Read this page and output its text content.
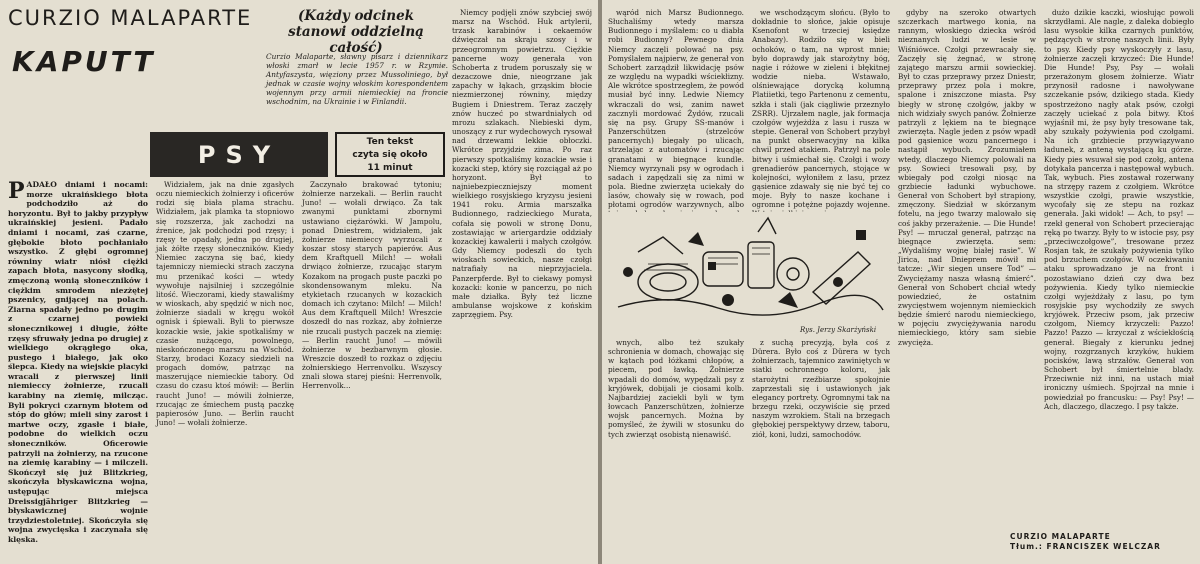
CURZIO MALAPARTE
KAPUTT
(Każdy odcinek stanowi oddzielną całość)
Curzio Malaparte, sławny pisarz i dziennikarz włoski zmarł w lecie 1957 r. w Rzymie. Antyfaszysta, więziony przez Mussoliniego, był jednak w czasie wojny włoskim korespondentem wojennym przy armii niemieckiej na froncie wschodnim, na Ukrainie i w Finlandii.
PSY	Ten tekst
czyta się około
11 minut
PADAŁO dniami i nocami: morze ukraińskiego błota podchodziło aż do horyzontu. Był to jakby przypływ ukraińskiej jesieni. Padało dniami i nocami, zaś czarne, głębokie błoto pochłaniało wszystko. Z głębi ogromnej równiny wiatr niósł ciężki zapach błota, nasycony słodką, zmęczoną wonią słoneczników i ciężkim smrodem niezżętej pszenicy, gnijącej na polach. Ziarna spadały jedno po drugim z czarnej powieki słonecznikowej i długie, żółte rzęsy sfruwały jedna po drugiej z wielkiego okrągłego oka, pustego i białego, jak oko ślepca. Kiedy na wiejskie placyki wracali z pierwszej linii niemieccy żołnierze, rzucali karabiny na ziemię, milcząc. Byli pokryci czarnym błotem od stóp do głów; mieli siny zarost i martwe oczy, zgasłe i białe, podobne do wielkich oczu słoneczników. Oficerowie patrzyli na żołnierzy, na rzucone na ziemię karabiny — i milczeli. Skończył się już Blitzkrieg, skończyła błyskawiczna wojna, ustępując miejsca Dreissigjähriger Blitzkrieg — błyskawicznej wojnie trzydziestoletniej. Skończyła się wojna zwycięska i zaczynała się klęska.

Widziałem, jak na dnie zgasłych oczu niemieckich żołnierzy i oficerów rodzi się biała plama strachu. Widziałem, jak plamka ta stopniowo się rozszerza, jak zachodzi na źrenice, jak podchodzi pod rzęsy; i rzęsy te opadały, jedna po drugiej, jak żółte rzęsy słoneczników. Kiedy Niemiec zaczyna się bać, kiedy tajemniczy niemiecki strach zaczyna mu przenikać kości — wtedy wywołuje najsilniej i szczególnie litość. Wieczorami, kiedy stawaliśmy w wioskach, aby spędzić w nich noc, żołnierze siadali w kręgu wokół ognisk i śpiewali. Byli to pierwsze kozackie wsie, jakie spotkaliśmy w czasie nużącego, powolnego, nieskończonego marszu na Wschód. Starzy, brodaci Kozacy siedzieli na progach domów, patrząc na maszerujące niemieckie tabory. Od czasu do czasu ktoś mówił: — Berlin raucht Juno! — mówili żołnierze, rzucając ze śmiechem pustą paczkę papierosów Juno. — Berlin raucht Juno! — wołali żołnierze.

Zaczynało brakować tytoniu; żołnierze narzekali. — Berlin raucht Juno! — wołali drwiąco. Za tak zwanymi punktami zbornymi ustawiano ciężarówki. W Jampolu, ponad Dniestrem, widziałem, jak żołnierze niemieccy wyrzucali z koszar stosy starych papierów. Aus dem Kraftquell Milch! — wołali drwiąco żołnierze, rzucając starym Kozakom na progach puste paczki po skondensowanym mleku. Na etykietach rzucanych w kozackich domach ich czytano: Milch! — Milch! Aus dem Kraftquell Milch! Wreszcie doszedł do nas rozkaz, aby żołnierze nie rzucali pustych paczek na ziemię: — Berlin raucht Juno! — mówili żołnierze w bezbarwnym głosie. Wreszcie doszedł to rozkaz o zdjęciu żołnierskiego Herrenvolku. Wszyscy znali słowa starej pieśni: Herrenvolk, Herrenvolk...

Niemcy podjęli znów szybciej swój marsz na Wschód. Huk artylerii, trzask karabinów i cekaemów dźwięczał na skraju szosy i w przeogromnym powietrzu. Ciężkie pancerne wozy generała von Schoberta z trudem poruszały się w dezaczowe dnie, nieogrzane jak zapachy w łąkach, grząskim błocie niezmierzonej równiny, między Bugiem i Dniestrem. Teraz zaczęły znów huczeć po stwardniałych od mrozu szlakach. Niebieski dym, unoszący z rur wydechowych rysował nad drzewami lekkie obłoczki. Wkrótce przyjdzie zima. Po raz pierwszy spotkaliśmy kozackie wsie i kozacki step, który się rozciągał aż po horyzont. Był to najniebezpieczniejszy moment wielkiego rosyjskiego kryzysu jesieni 1941 roku. Armia marszałka Budionnego, radzieckiego Murata, cofała się powoli w stronę Donu, zostawiając w ariergardzie oddziały kozackiej kawalerii i małych czołgów. Gdy Niemcy podeszli do tych wioskach sowieckich, nasze czołgi natrafiały na nieprzyjaciela. Panzerpferde. Był to ciekawy pomysł kozacki: konie w pancerzu, po nich małe działka. Były też liczne ambulanse wojskowe z końskim zaprzęgiem. Psy.

wąród nich Marsz Budionnego. Słuchaliśmy wtedy marsza Budionnego i myślałem: co u diabła robi Budionny? Pewnego dnia Niemcy zaczęli polować na psy. Pomyślałem najpierw, że generał von Schobert zarządził likwidację psów ze względu na wypadki wściekłizny. Ale wkrótce spostrzegłem, że powód musiał być inny. Ledwie Niemcy wkraczali do wsi, zanim nawet zacznyli mordować Żydów, rzucali się na psy. Grupy SS-manów i Panzerschützen (strzelców pancernych) biegały po ulicach, strzelając z automatów i rzucając granatami w biegnące kundle. Niemcy wyrzynali psy w ogrodach i sadach i zapędzali się za nimi w pola. Biedne zwierzęta uciekały do lasów, chowały się w rowach, pod płotami ogrodów warzywnych, albo

we wschodzącym słońcu. (Było to dokładnie to słońce, jakie opisuje Ksenofont w trzeciej księdze Anabazy). Rodziło się w bieli ochoków, o tam, na wprost mnie; było doprawdy jak starożytny bóg, nagie i różowe w zieleni i błękitnej wodzie nieba. Wstawało, olśniewające dorycką kolumną Platiietki, tego Partenonu z cementu, szkła i stali (jak ciągliwie przeznyło ZSRR). Ujrzałem nagle, jak formacja czołgów wyjeżdża z lasu i rusza w stepie. Generał von Schobert przybył na punkt obserwacyjny na kilka chwil przed atakiem. Patrzył na pole bitwy i uśmiechał się. Czołgi i wozy grenadierów pancernych, stojące w kolejności, wyłoniłem z lasu, przez gąsienice zdawały się nie być tej co moje. Były to nasze kochane i ogromne i potężne pojazdy wojenne.

gdyby na szeroko otwartych szczerkach martwego konia, na rannym, włoskiego dziecka wśród nieznanych ludzi w lesie w Wiśniówce. Czołgi przewracały się. Zaczęły się żegnać, w stronę zajątego marszu armii sowieckiej. Był to czas przeprawy przez Dniestr, przeprawy przez pola i mokre, spalone i zniszczone miasta. Psy biegły w stronę czołgów, jakby w nich widziały swych panów. Żołnierze patrzyli z lękiem na te biegnące zwierzęta. Nagle jeden z psów wpadł pod gąsienice wozu pancernego i nastąpił wybuch. Zrozumiałem wtedy, dlaczego Niemcy polowali na psy. Sowieci tresowali psy, by wbiegały pod czołgi niosąc na grzbiecie ładunki wybuchowe. Generał von Schobert był strapiony, zmęczony. Siedział w skórzanym fotelu, na jego twarzy malowało się coś jakby przerażenie. — Die Hunde! Psy! — mruczał generał, patrząc na biegnące zwierzęta. sem: „Wydaliśmy wojnę białej rasie”. W Jirica, nad Dnieprem mówił mi tatcze: „Wir siegen unsere Tod” — Zwyciężamy nasza własną śmierć”. Generał von Schobert chciał wtedy powiedzieć, że ostatnim zwycięstwem wojennym niemieckich będzie śmierć narodu niemieckiego, w pojęciu zwyciężywania narodu niemieckiego, który sam siebie zwycięża.

dużo dzikie kaczki, wiosłując powoli skrzydłami. Ale nagle, z daleka dobiegło lasu wysokie kilka czarnych punktów, pędzących w stronę naszych linii. Były to psy. Kiedy psy wyskoczyły z lasu, żołnierze zaczęli krzyczeć: Die Hunde! Die Hunde! Psy, Psy — wołali przerażonym głosem żołnierze. Wiatr przynosił radosne i nawoływane szczekanie psów, dzikiego stada. Kiedy spostrzeżono nagły atak psów, czołgi zaczęły uciekać z pola bitwy. Ktoś wyjaśnił mi, że psy były tresowane tak, aby szukały pożywienia pod czołgami. Na ich grzbiecie przywiązywano ładunek, z anteną wystającą ku górze. Kiedy pies wsuwał się pod czołg, antena dotykała pancerza i następował wybuch. Tak, wybuch. Pies zostawał rozerwany na strzępy razem z czołgiem. Wkrótce wszystkie czołgi, prawie wszystkie, wycofały się ze stepu na rozkaz generała. Jaki widok! — Ach, to psy! — rzekł generał von Schobert przecierając ręką po twarzy. Były to w istocie psy, psy „przeciwczołgowe”, tresowane przez Rosjan tak, że szukały pożywienia tylko pod brzuchem czołgów. W oczekiwaniu ataku sprowadzano je na front i pozostawiano dzień czy dwa bez pożywienia. Kiedy tylko niemieckie czołgi wyjeżdżały z lasu, po tym rosyjskie psy wychodziły ze swych kryjówek. Przeciw psom, jak przeciw czołgom, Niemcy krzyczeli: Pazzo! Pazzo! Pazzo — krzyczał z wściekłością generał. Biegały z kierunku jednej wojny, rozgrzanych krzyków, hukiem pocisków, lawą strzałów. Generał von Schobert był śmiertelnie blady. Przeciwnie niż inni, na ustach miał ironiczny uśmiech. Spojrzał na mnie i powiedział po francusku: — Psy! Psy! — Ach, dlaczego, dlaczego. I psy także.

Rys. Jerzy Skarżyński

wnych, albo też szukały schronienia w domach, chowając się w kątach pod łóżkami chłopów, a piecem, pod ławką. Żołnierze wpadali do domów, wypędzali psy z kryjówek, dobijali je ciosami kolb. Najbardziej zaciekli byli w tym łowcach Panzerschützen, żołnierze wojsk pancernych. Można by pomyśleć, że żywili w stosunku do tych zwierząt osobistą nienawiść.

z suchą precyzją, była coś z Dürera. Było coś z Dürera w tych żołnierzach, tajemnico zawiniętych w siatki ochronnego koloru, jak starożytni rzeźbiarze spokojnie zaprzestali się i ustawionych jak elegancy portrety. Ogromnymi tak na brzegu rzeki, oczywiście się przed naszym wzrokiem. Stali na brzegach głębokiej perspektywy drzew, taboru, ziół, koni, ludzi, samochodów.

CURZIO MALAPARTE
Tłum.: FRANCISZEK WELCZAR
